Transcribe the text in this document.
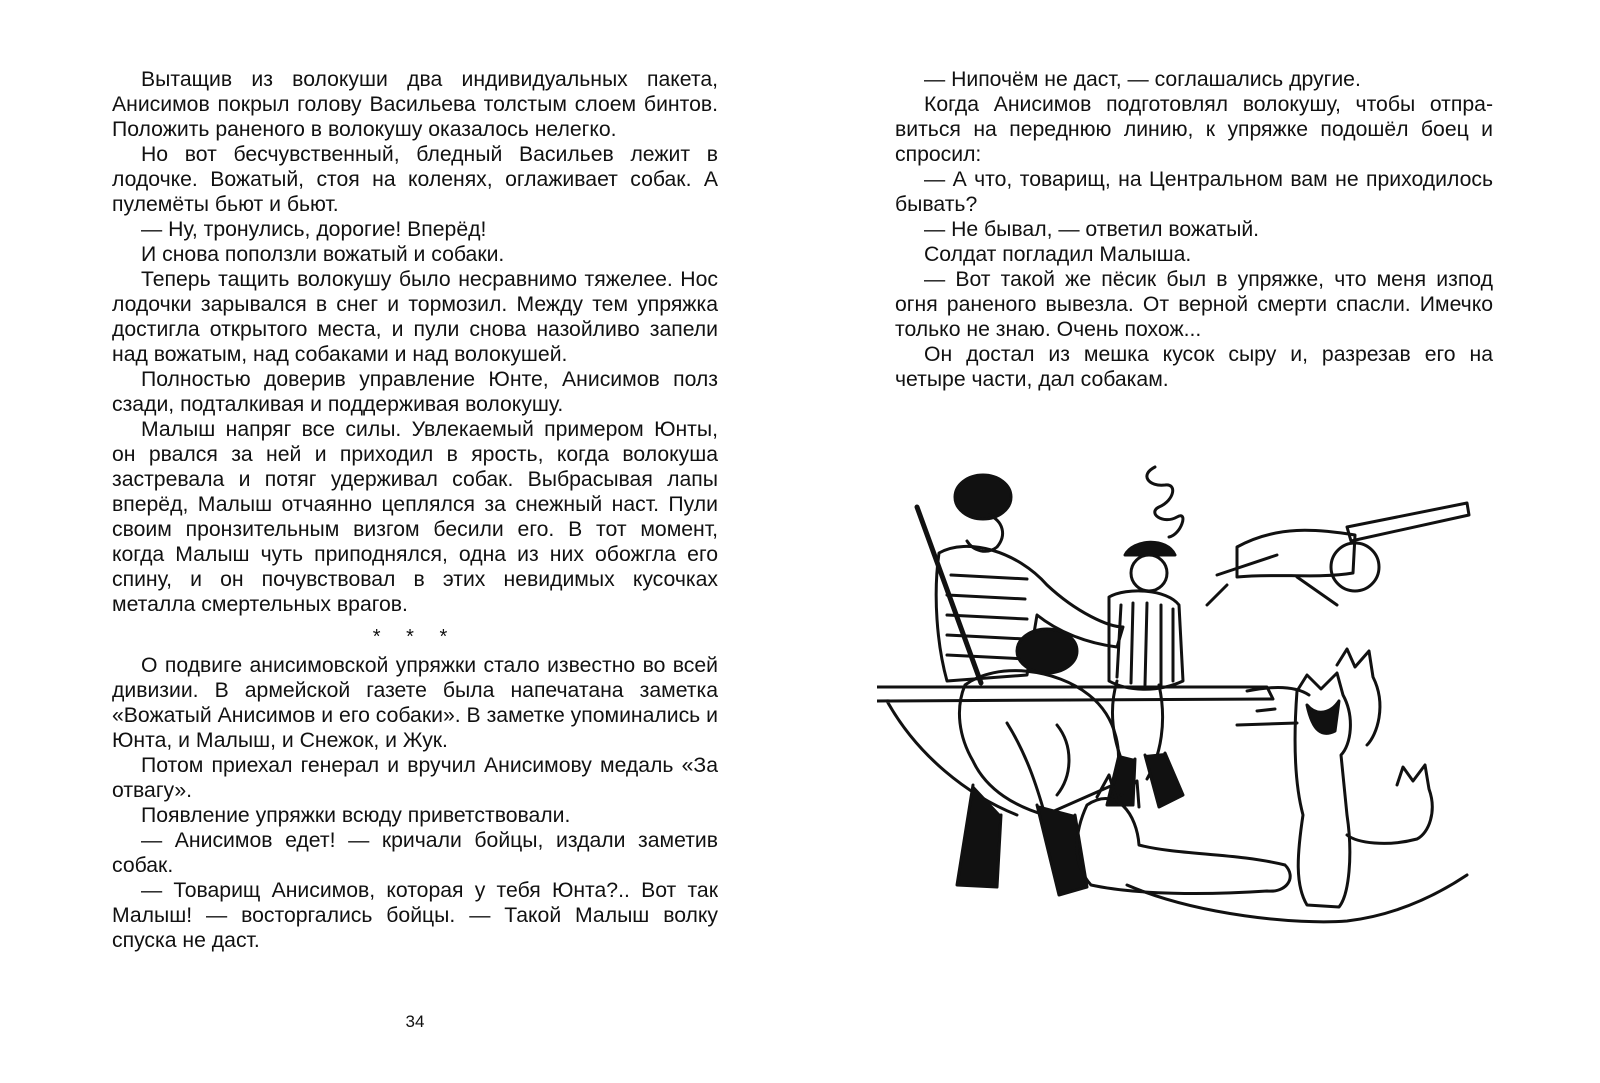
Вытащив из волокуши два индивидуальных пакета, Анисимов покрыл голову Васильева толстым слоем бинтов. Положить раненого в волокушу оказалось нелегко.

Но вот бесчувственный, бледный Васильев лежит в лодочке. Вожатый, стоя на коленях, оглаживает собак. А пулемёты бьют и бьют.

— Ну, тронулись, дорогие! Вперёд!

И снова поползли вожатый и собаки.

Теперь тащить волокушу было несравнимо тяжелее. Нос лодочки зарывался в снег и тормозил. Между тем упряжка достигла открытого места, и пули снова назойливо запели над вожатым, над собаками и над волокушей.

Полностью доверив управление Юнте, Анисимов полз сзади, подталкивая и поддерживая волокушу.

Малыш напряг все силы. Увлекаемый примером Юнты, он рвался за ней и приходил в ярость, когда волокуша застревала и потяг удерживал собак. Выбрасывая лапы вперёд, Малыш отчаянно цеплялся за снежный наст. Пули своим пронзительным визгом бесили его. В тот момент, когда Малыш чуть приподнялся, одна из них обожгла его спину, и он почувствовал в этих невидимых кусочках металла смертельных врагов.

* * *

О подвиге анисимовской упряжки стало известно во всей дивизии. В армейской газете была напечатана заметка «Вожатый Анисимов и его собаки». В заметке упоминались и Юнта, и Малыш, и Снежок, и Жук.

Потом приехал генерал и вручил Анисимову медаль «За отвагу».

Появление упряжки всюду приветствовали.

— Анисимов едет! — кричали бойцы, издали заметив собак.

— Товарищ Анисимов, которая у тебя Юнта?.. Вот так Малыш! — восторгались бойцы. — Такой Малыш волку спуска не даст.

34

— Нипочём не даст, — соглашались другие.

Когда Анисимов подготовлял волокушу, чтобы отправиться на переднюю линию, к упряжке подошёл боец и спросил:

— А что, товарищ, на Центральном вам не приходилось бывать?

— Не бывал, — ответил вожатый.

Солдат погладил Малыша.

— Вот такой же пёсик был в упряжке, что меня изпод огня раненого вывезла. От верной смерти спасли. Имечко только не знаю. Очень похож...

Он достал из мешка кусок сыру и, разрезав его на четыре части, дал собакам.
